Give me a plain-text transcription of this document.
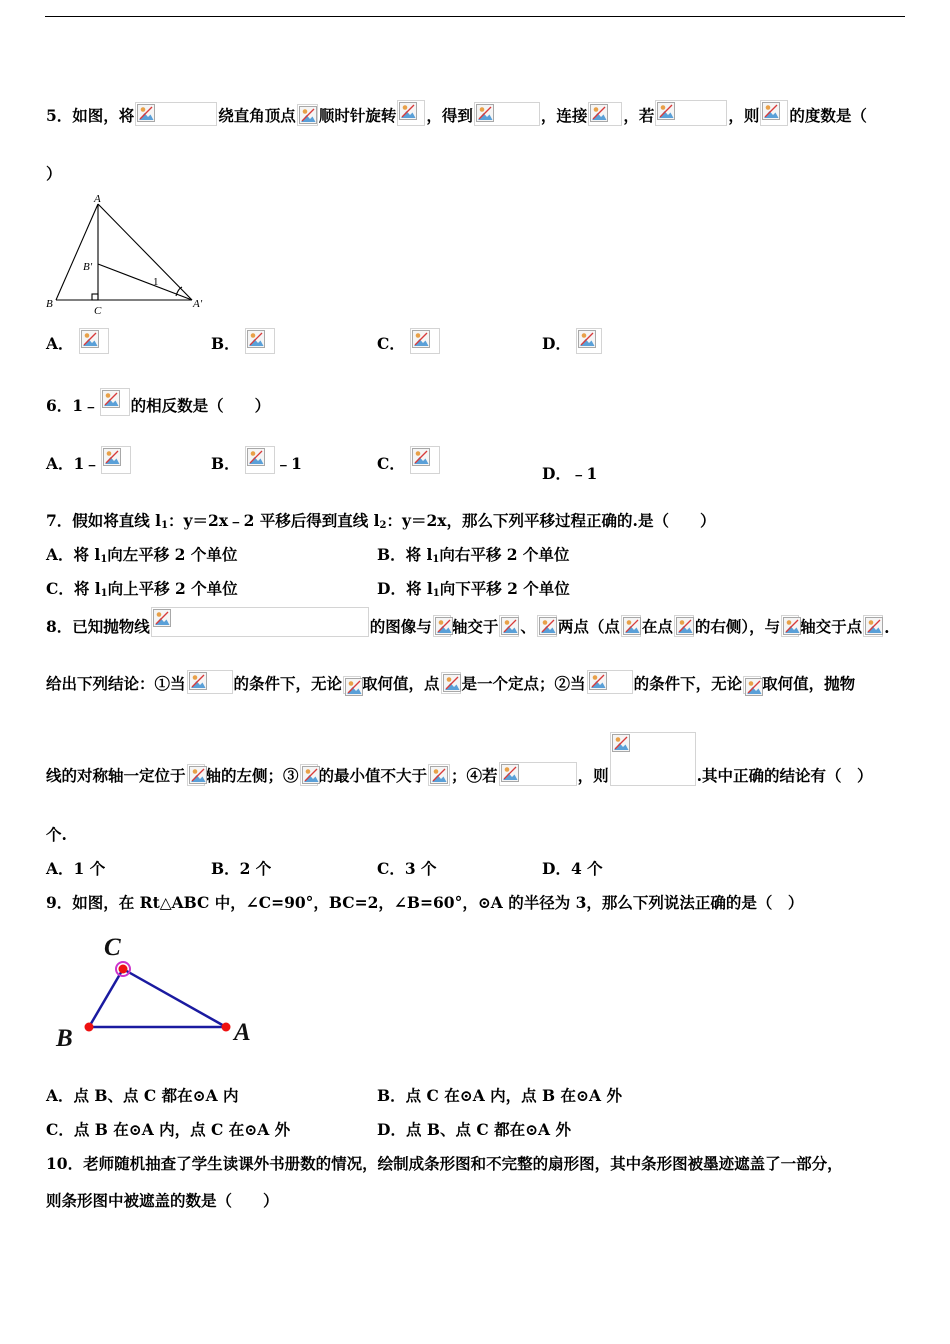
5．如图，将	绕直角顶点 顺时针旋转 ，得到	，连接 ，若	，则 的度数是（
）
A
B′
B
C
A′
1
A．	B．	C．	D．
6．1﹣ 的相反数是（　　）
A．1﹣	B． ﹣1	C．
D．﹣1
7．假如将直线 $l_1$ ：y＝2x﹣2 平移后得到直线 $l_2$ ：y＝2x，那么下列平移过程正确的.是（　　）
A．将 $l_1$ 向左平移 2 个单位	B．将 $l_1$ 向右平移 2 个单位
C．将 $l_1$ 向上平移 2 个单位	D．将 $l_1$ 向下平移 2 个单位
8．已知抛物线	的图像与 轴交于 、 两点（点 在点 的右侧），与 轴交于点 .
给出下列结论：①当	的条件下，无论 取何值，点 是一个定点；②当	的条件下，无论 取何值，抛物
线的对称轴一定位于 轴的左侧；③ 的最小值不大于 ；④若	，则	.其中正确的结论有（　）
个.
A．1 个	B．2 个	C．3 个	D．4 个
9．如图，在 Rt△ABC 中，∠C=90°，BC=2，∠B=60°，⊙A 的半径为 3，那么下列说法正确的是（　）
C
B	A
A．点 B、点 C 都在⊙A 内	B．点 C 在⊙A 内，点 B 在⊙A 外
C．点 B 在⊙A 内，点 C 在⊙A 外	D．点 B、点 C 都在⊙A 外
10．老师随机抽查了学生读课外书册数的情况，绘制成条形图和不完整的扇形图，其中条形图被墨迹遮盖了一部分，
则条形图中被遮盖的数是（　　）
